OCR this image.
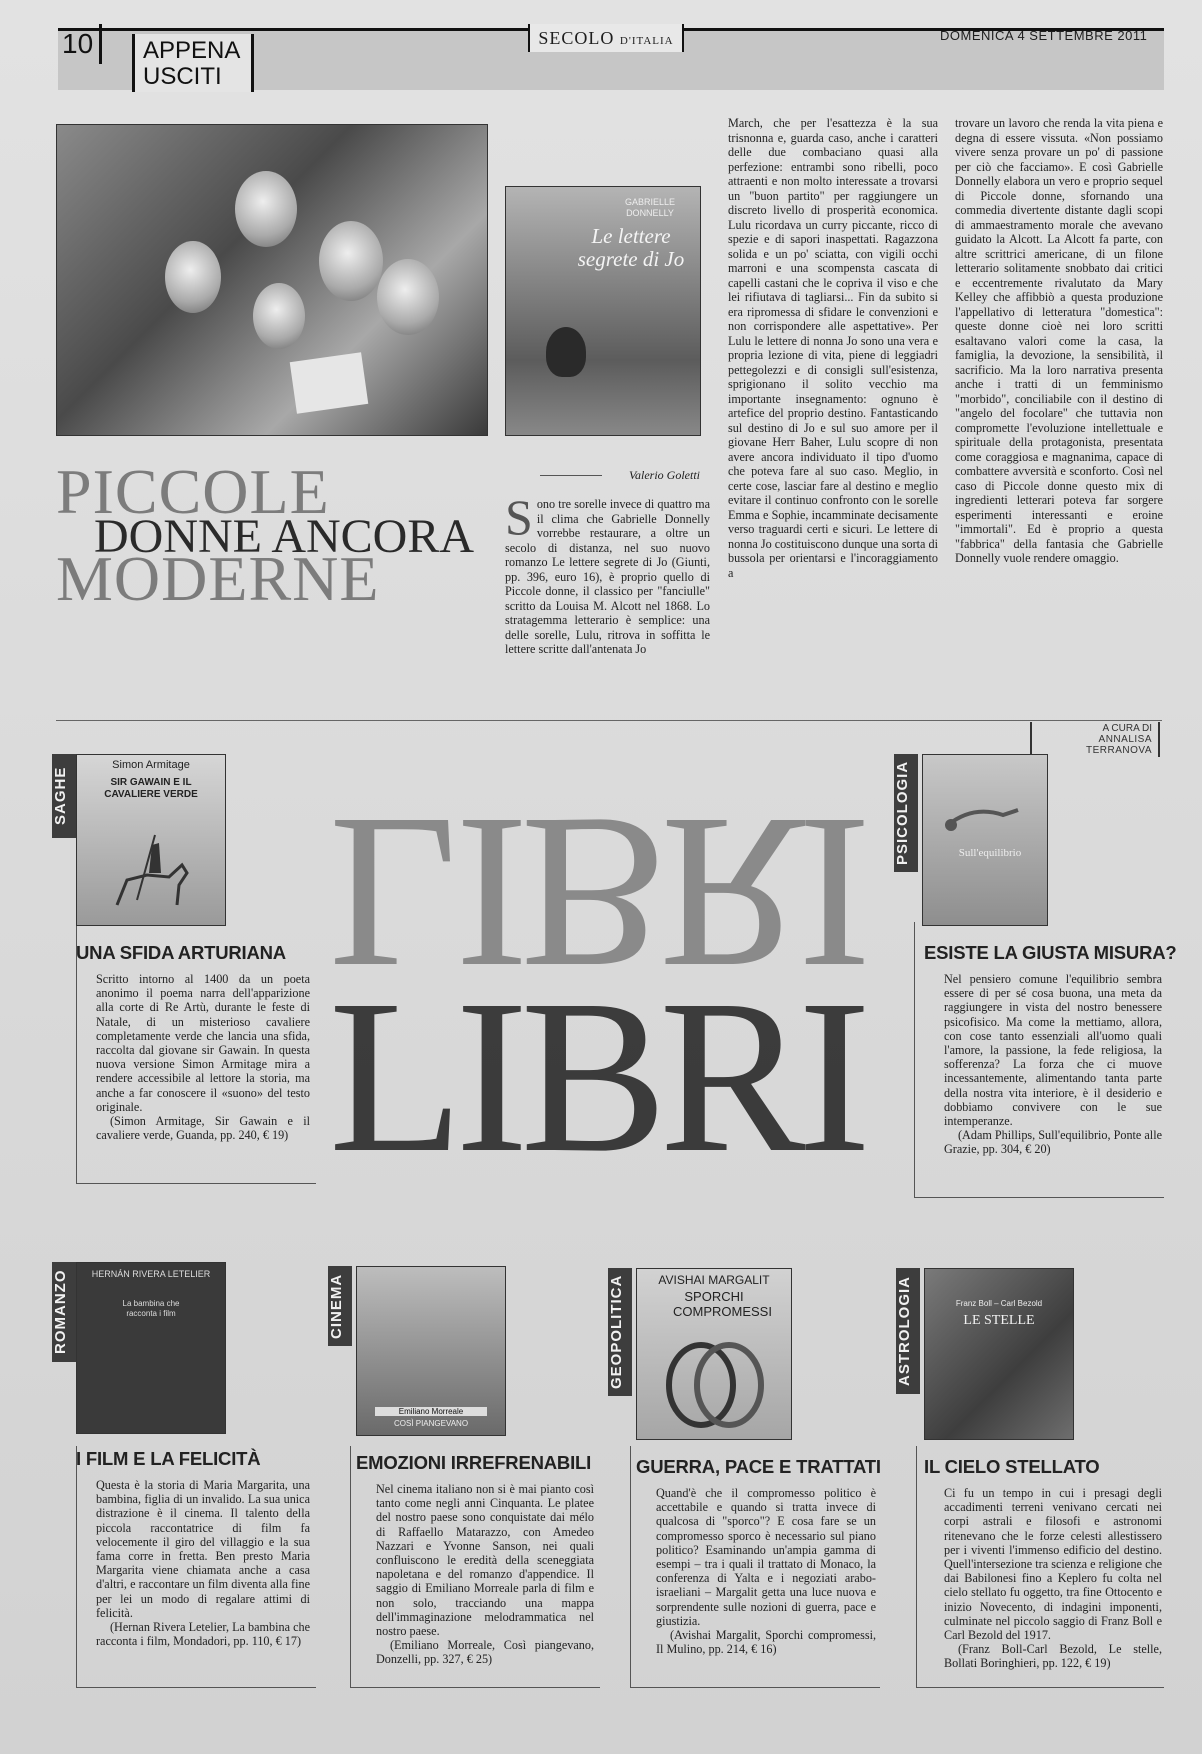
10	APPENA
USCITI
SECOLO D'ITALIA	DOMENICA 4 SETTEMBRE 2011
GABRIELLE DONNELLY
Le lettere segrete di Jo
PICCOLE
DONNE ANCORA
MODERNE
Valerio Goletti
S ono tre sorelle invece di quattro ma il clima che Gabrielle Donnelly vorrebbe restaurare, a oltre un secolo di distanza, nel suo nuovo romanzo Le lettere segrete di Jo (Giunti, pp. 396, euro 16), è proprio quello di Piccole donne, il classico per "fanciulle" scritto da Louisa M. Alcott nel 1868. Lo stratagemma letterario è semplice: una delle sorelle, Lulu, ritrova in soffitta le lettere scritte dall'antenata Jo
March, che per l'esattezza è la sua trisnonna e, guarda caso, anche i caratteri delle due combaciano quasi alla perfezione: entrambi sono ribelli, poco attraenti e non molto interessate a trovarsi un "buon partito" per raggiungere un discreto livello di prosperità economica. Lulu ricordava un curry piccante, ricco di spezie e di sapori inaspettati. Ragazzona solida e un po' sciatta, con vigili occhi marroni e una scompensta cascata di capelli castani che le copriva il viso e che lei rifiutava di tagliarsi... Fin da subito si era ripromessa di sfidare le convenzioni e non corrispondere alle aspettative». Per Lulu le lettere di nonna Jo sono una vera e propria lezione di vita, piene di leggiadri pettegolezzi e di consigli sull'esistenza, sprigionano il solito vecchio ma importante insegnamento: ognuno è artefice del proprio destino. Fantasticando sul destino di Jo e sul suo amore per il giovane Herr Baher, Lulu scopre di non avere ancora individuato il tipo d'uomo che poteva fare al suo caso. Meglio, in certe cose, lasciar fare al destino e meglio evitare il continuo confronto con le sorelle Emma e Sophie, incamminate decisamente verso traguardi certi e sicuri. Le lettere di nonna Jo costituiscono dunque una sorta di bussola per orientarsi e l'incoraggiamento a
trovare un lavoro che renda la vita piena e degna di essere vissuta. «Non possiamo vivere senza provare un po' di passione per ciò che facciamo». E così Gabrielle Donnelly elabora un vero e proprio sequel di Piccole donne, sfornando una commedia divertente distante dagli scopi di ammaestramento morale che avevano guidato la Alcott. La Alcott fa parte, con altre scrittrici americane, di un filone letterario solitamente snobbato dai critici e eccentremente rivalutato da Mary Kelley che affibbiò a questa produzione l'appellativo di letteratura "domestica": queste donne cioè nei loro scritti esaltavano valori come la casa, la famiglia, la devozione, la sensibilità, il sacrificio. Ma la loro narrativa presenta anche i tratti di un femminismo "morbido", conciliabile con il destino di "angelo del focolare" che tuttavia non compromette l'evoluzione intellettuale e spirituale della protagonista, presentata come coraggiosa e magnanima, capace di combattere avversità e sconforto. Così nel caso di Piccole donne questo mix di ingredienti letterari poteva far sorgere esperimenti interessanti e eroine "immortali". Ed è proprio a questa "fabbrica" della fantasia che Gabrielle Donnelly vuole rendere omaggio.
A CURA DI
ANNALISA TERRANOVA
LIBRI
LIBRI
SAGHE
Simon Armitage
SIR GAWAIN E IL CAVALIERE VERDE
UNA SFIDA ARTURIANA
Scritto intorno al 1400 da un poeta anonimo il poema narra dell'apparizione alla corte di Re Artù, durante le feste di Natale, di un misterioso cavaliere completamente verde che lancia una sfida, raccolta dal giovane sir Gawain. In questa nuova versione Simon Armitage mira a rendere accessibile al lettore la storia, ma anche a far conoscere il «suono» del testo originale.
(Simon Armitage, Sir Gawain e il cavaliere verde, Guanda, pp. 240, € 19)
PSICOLOGIA	Sull'equilibrio
ESISTE LA GIUSTA MISURA?
Nel pensiero comune l'equilibrio sembra essere di per sé cosa buona, una meta da raggiungere in vista del nostro benessere psicofisico. Ma come la mettiamo, allora, con cose tanto essenziali all'uomo quali l'amore, la passione, la fede religiosa, la sofferenza? La forza che ci muove incessantemente, alimentando tanta parte della nostra vita interiore, è il desiderio e dobbiamo convivere con le sue intemperanze.
(Adam Phillips, Sull'equilibrio, Ponte alle Grazie, pp. 304, € 20)
ROMANZO	HERNÁN RIVERA LETELIER
La bambina che racconta i film
I FILM E LA FELICITÀ
Questa è la storia di Maria Margarita, una bambina, figlia di un invalido. La sua unica distrazione è il cinema. Il talento della piccola raccontatrice di film fa velocemente il giro del villaggio e la sua fama corre in fretta. Ben presto Maria Margarita viene chiamata anche a casa d'altri, e raccontare un film diventa alla fine per lei un modo di regalare attimi di felicità.
(Hernan Rivera Letelier, La bambina che racconta i film, Mondadori, pp. 110, € 17)
CINEMA
Emiliano Morreale
COSÌ PIANGEVANO
EMOZIONI IRREFRENABILI
Nel cinema italiano non si è mai pianto così tanto come negli anni Cinquanta. Le platee del nostro paese sono conquistate dai mélo di Raffaello Matarazzo, con Amedeo Nazzari e Yvonne Sanson, nei quali confluiscono le eredità della sceneggiata napoletana e del romanzo d'appendice. Il saggio di Emiliano Morreale parla di film e non solo, tracciando una mappa dell'immaginazione melodrammatica nel nostro paese.
(Emiliano Morreale, Così piangevano, Donzelli, pp. 327, € 25)
GEOPOLITICA	AVISHAI MARGALIT
SPORCHI COMPROMESSI
GUERRA, PACE E TRATTATI
Quand'è che il compromesso politico è accettabile e quando si tratta invece di qualcosa di "sporco"? E cosa fare se un compromesso sporco è necessario sul piano politico? Esaminando un'ampia gamma di esempi – tra i quali il trattato di Monaco, la conferenza di Yalta e i negoziati arabo-israeliani – Margalit getta una luce nuova e sorprendente sulle nozioni di guerra, pace e giustizia.
(Avishai Margalit, Sporchi compromessi, Il Mulino, pp. 214, € 16)
ASTROLOGIA	Franz Boll – Carl Bezold
LE STELLE
IL CIELO STELLATO
Ci fu un tempo in cui i presagi degli accadimenti terreni venivano cercati nei corpi astrali e filosofi e astronomi ritenevano che le forze celesti allestissero per i viventi l'immenso edificio del destino. Quell'intersezione tra scienza e religione che dai Babilonesi fino a Keplero fu colta nel cielo stellato fu oggetto, tra fine Ottocento e inizio Novecento, di indagini imponenti, culminate nel piccolo saggio di Franz Boll e Carl Bezold del 1917.
(Franz Boll-Carl Bezold, Le stelle, Bollati Boringhieri, pp. 122, € 19)
